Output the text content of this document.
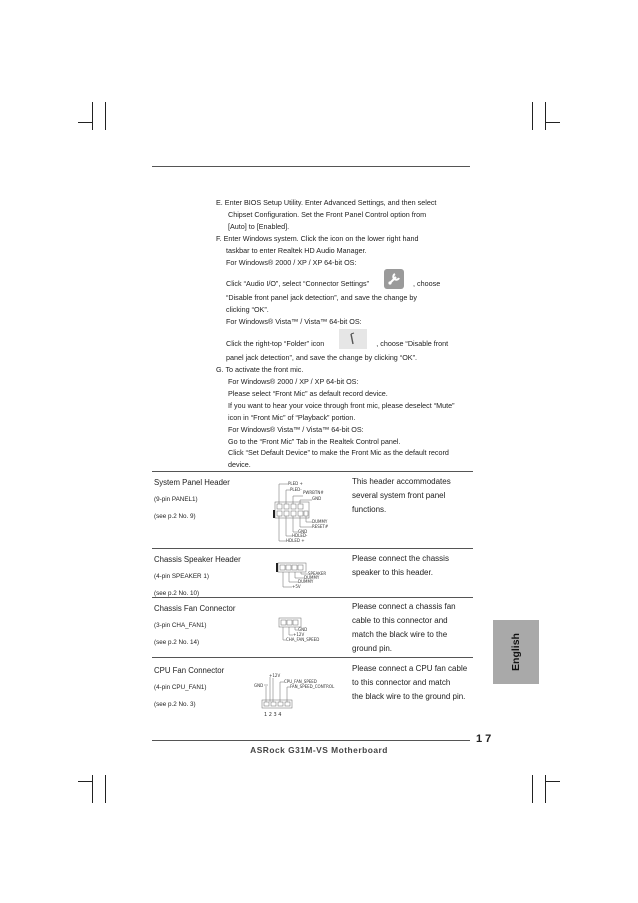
E. Enter BIOS Setup Utility. Enter Advanced Settings, and then select
Chipset Configuration. Set the Front Panel Control option from
[Auto] to [Enabled].
F. Enter Windows system. Click the icon on the lower right hand
taskbar to enter Realtek HD Audio Manager.
For Windows® 2000 / XP / XP 64-bit OS:
Click “Audio I/O”, select “Connector Settings”	, choose
“Disable front panel jack detection”, and save the change by
clicking “OK”.
For Windows® Vista™ / Vista™ 64-bit OS:
Click the right-top “Folder” icon	, choose “Disable front
panel jack detection”, and save the change by clicking “OK”.
G. To activate the front mic.
For Windows® 2000 / XP / XP 64-bit OS:
Please select “Front Mic” as default record device.
If you want to hear your voice through front mic, please deselect “Mute”
icon in “Front Mic” of “Playback” portion.
For Windows® Vista™ / Vista™ 64-bit OS:
Go to the “Front Mic” Tab in the Realtek Control panel.
Click “Set Default Device” to make the Front Mic as the default record
device.
System Panel Header
(9-pin PANEL1)
(see p.2 No. 9)
This header accommodates
several system front panel
functions.
PLED +
PLED-
PWRBTN#
GND
DUMMY
RESET#
GND
HDLED-
HDLED +
Chassis Speaker Header
(4-pin SPEAKER 1)
(see p.2 No. 10)
Please connect the chassis
speaker to this header.
SPEAKER
DUMMY
DUMMY
+5V
Chassis Fan Connector
(3-pin CHA_FAN1)
(see p.2 No. 14)
Please connect a chassis fan
cable to this connector and
match the black wire to the
ground pin.
GND
+12V
CHA_FAN_SPEED
CPU Fan Connector
(4-pin CPU_FAN1)
(see p.2 No. 3)
Please connect a CPU fan cable
to this connector and match
the black wire to the ground pin.
+12V
GND
CPU_FAN_SPEED
FAN_SPEED_CONTROL
1 2 3 4
English
1 7
ASRock G31M-VS Motherboard
